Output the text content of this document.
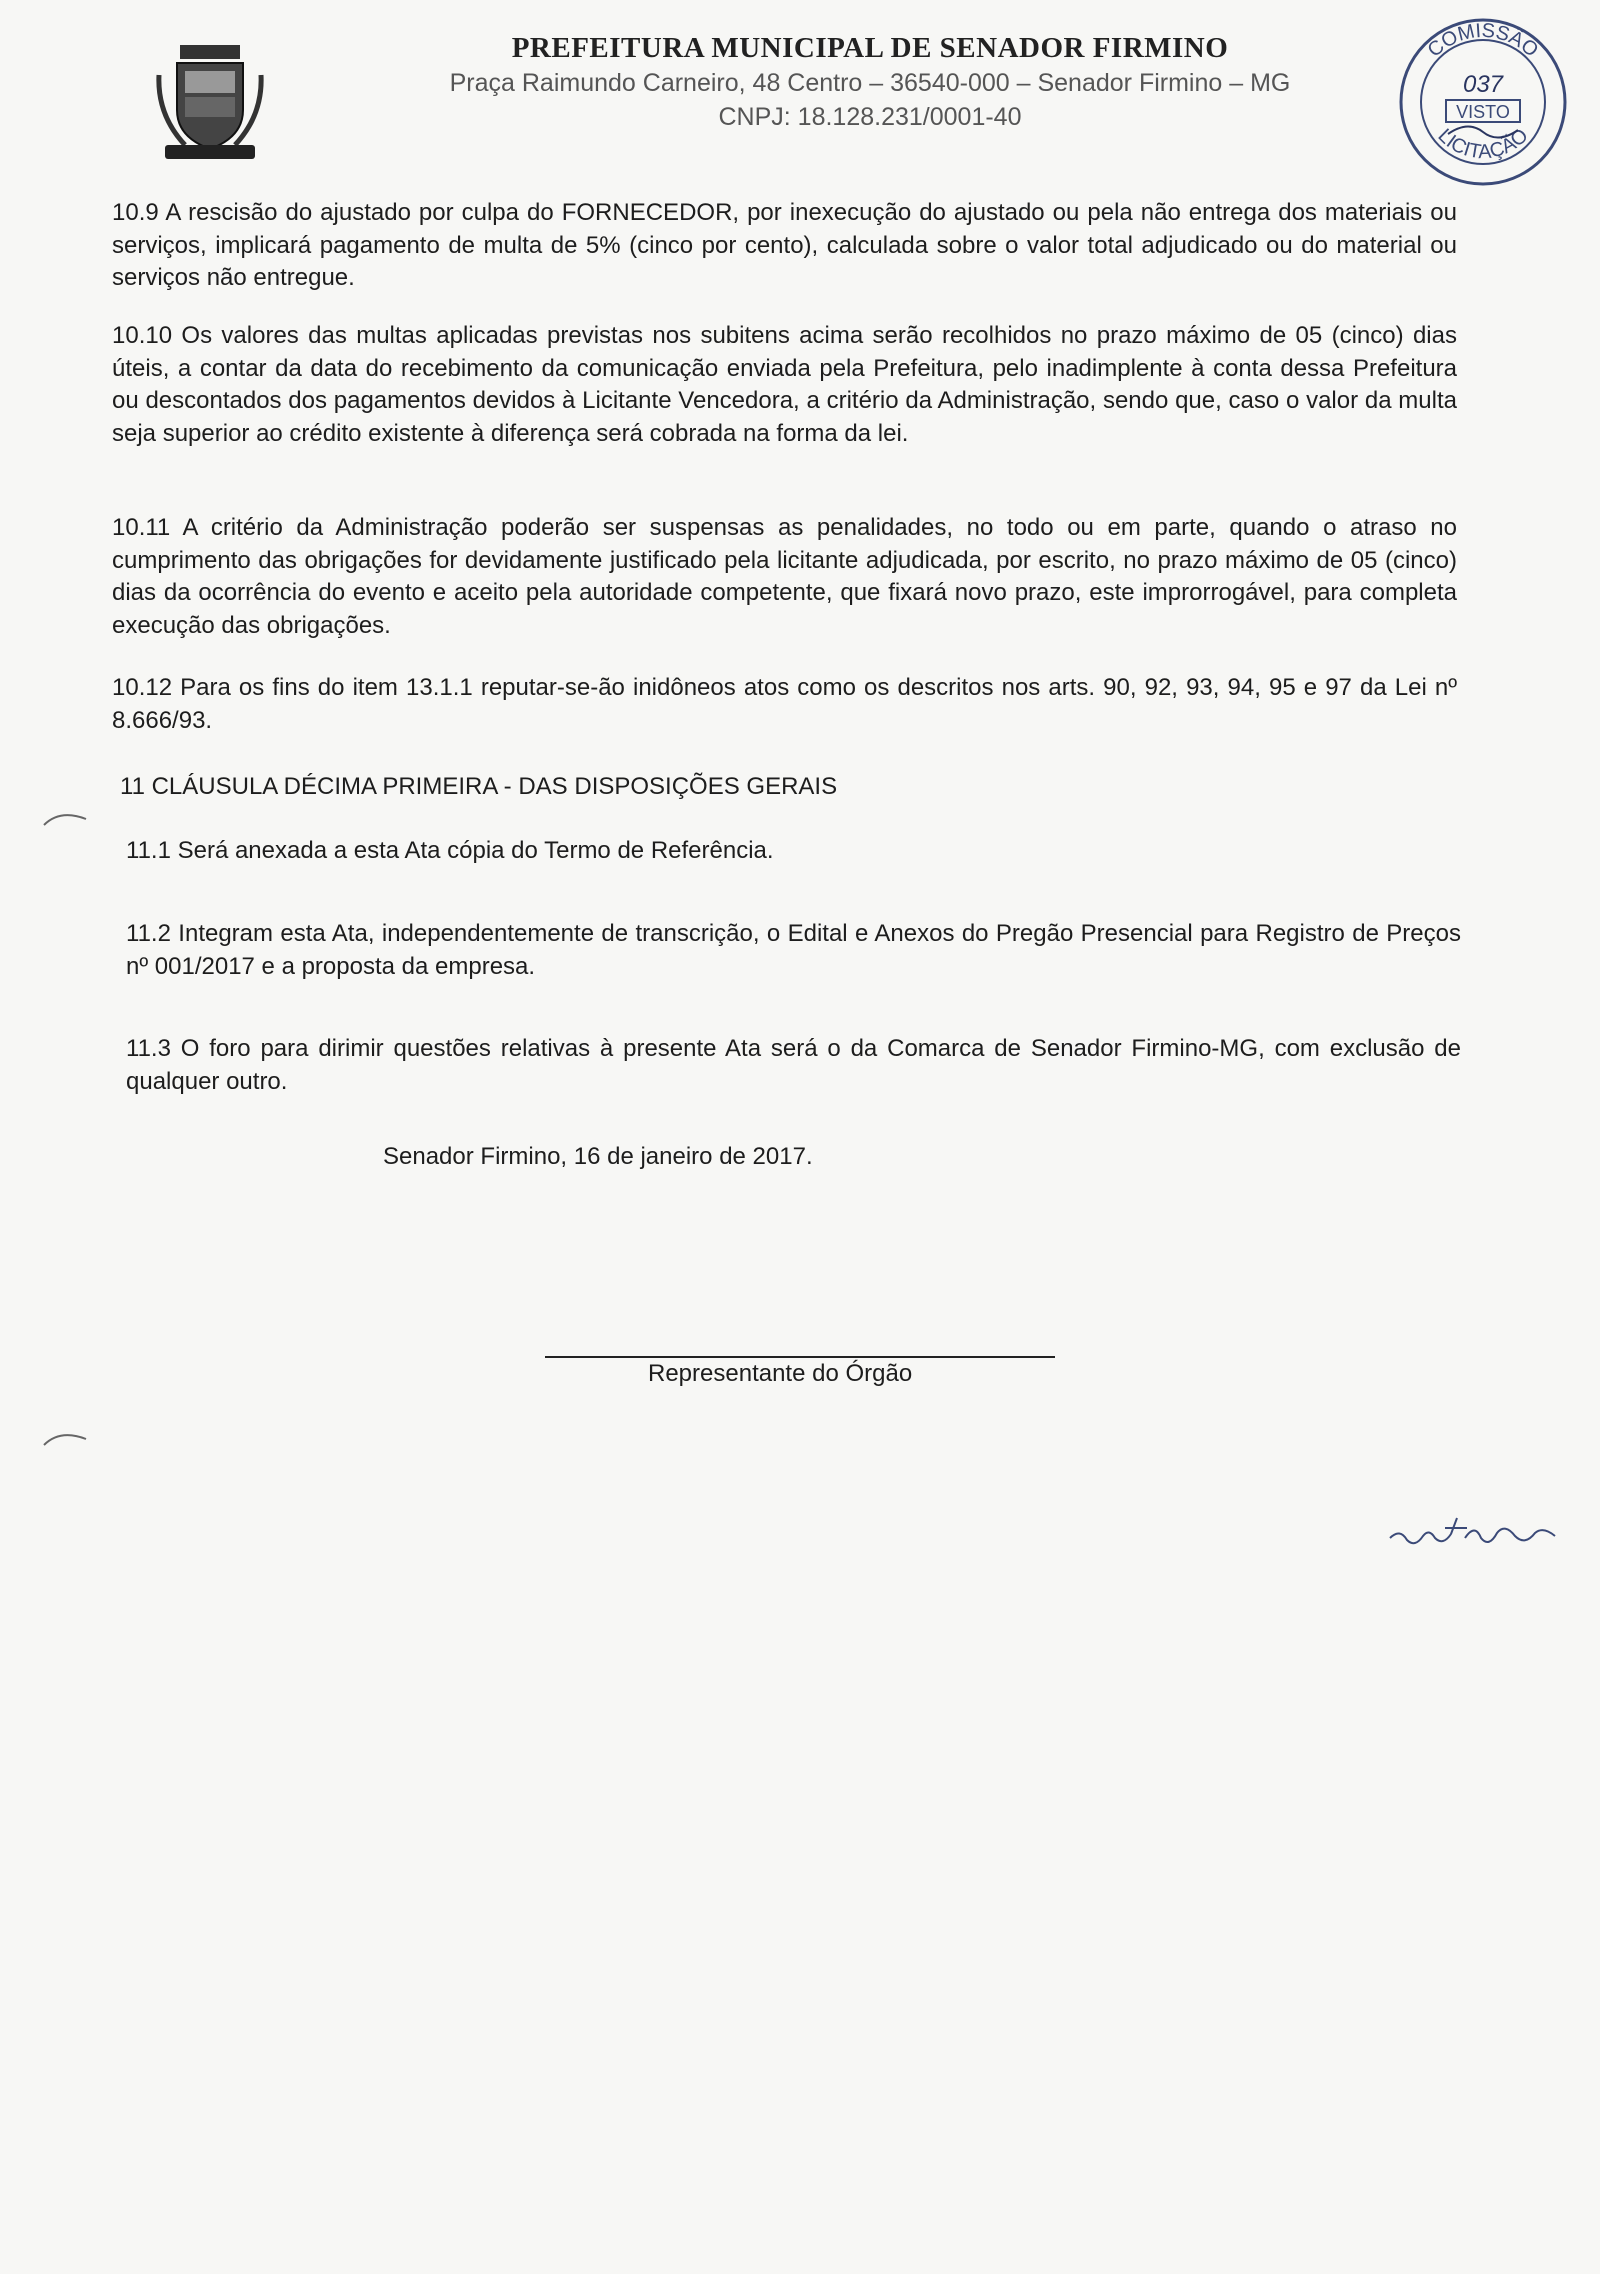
PREFEITURA MUNICIPAL DE SENADOR FIRMINO

Praça Raimundo Carneiro, 48 Centro – 36540-000 – Senador Firmino – MG

CNPJ: 18.128.231/0001-40

COMISSÃO
LICITAÇÃO
037
VISTO

10.9 A rescisão do ajustado por culpa do FORNECEDOR, por inexecução do ajustado ou pela não entrega dos materiais ou serviços, implicará pagamento de multa de 5% (cinco por cento), calculada sobre o valor total adjudicado ou do material ou serviços não entregue.

10.10 Os valores das multas aplicadas previstas nos subitens acima serão recolhidos no prazo máximo de 05 (cinco) dias úteis, a contar da data do recebimento da comunicação enviada pela Prefeitura, pelo inadimplente à conta dessa Prefeitura ou descontados dos pagamentos devidos à Licitante Vencedora, a critério da Administração, sendo que, caso o valor da multa seja superior ao crédito existente à diferença será cobrada na forma da lei.

10.11 A critério da Administração poderão ser suspensas as penalidades, no todo ou em parte, quando o atraso no cumprimento das obrigações for devidamente justificado pela licitante adjudicada, por escrito, no prazo máximo de 05 (cinco) dias da ocorrência do evento e aceito pela autoridade competente, que fixará novo prazo, este improrrogável, para completa execução das obrigações.

10.12 Para os fins do item 13.1.1 reputar-se-ão inidôneos atos como os descritos nos arts. 90, 92, 93, 94, 95 e 97 da Lei nº 8.666/93.

11 CLÁUSULA DÉCIMA PRIMEIRA - DAS DISPOSIÇÕES GERAIS

11.1 Será anexada a esta Ata cópia do Termo de Referência.

11.2 Integram esta Ata, independentemente de transcrição, o Edital e Anexos do Pregão Presencial para Registro de Preços nº 001/2017 e a proposta da empresa.

11.3 O foro para dirimir questões relativas à presente Ata será o da Comarca de Senador Firmino-MG, com exclusão de qualquer outro.

Senador Firmino, 16 de janeiro de 2017.

Representante do Órgão
